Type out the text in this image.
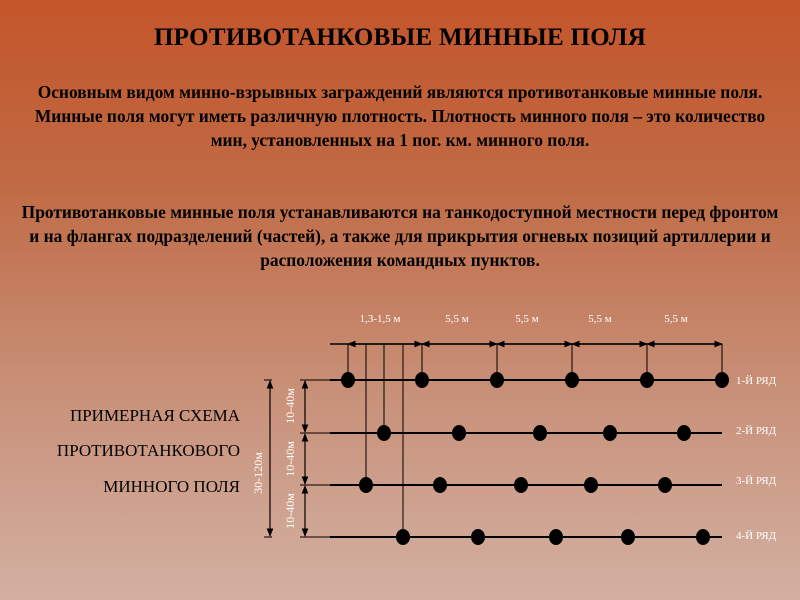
ПРОТИВОТАНКОВЫЕ МИННЫЕ ПОЛЯ
Основным видом минно-взрывных заграждений являются противотанковые минные поля. Минные поля могут иметь различную плотность. Плотность минного поля – это количество мин, установленных на 1 пог. км. минного поля.
Противотанковые минные поля устанавливаются на танкодоступной местности перед фронтом и на флангах подразделений (частей), а также для прикрытия огневых позиций артиллерии и расположения командных пунктов.
ПРИМЕРНАЯ СХЕМА
ПРОТИВОТАНКОВОГО
МИННОГО ПОЛЯ
1,3-1,5 м	5,5 м	5,5 м	5,5 м	5,5 м
1-Й РЯД
2-Й РЯД
3-Й РЯД
4-Й РЯД
30-120м
10-40м
10-40м
10-40м
